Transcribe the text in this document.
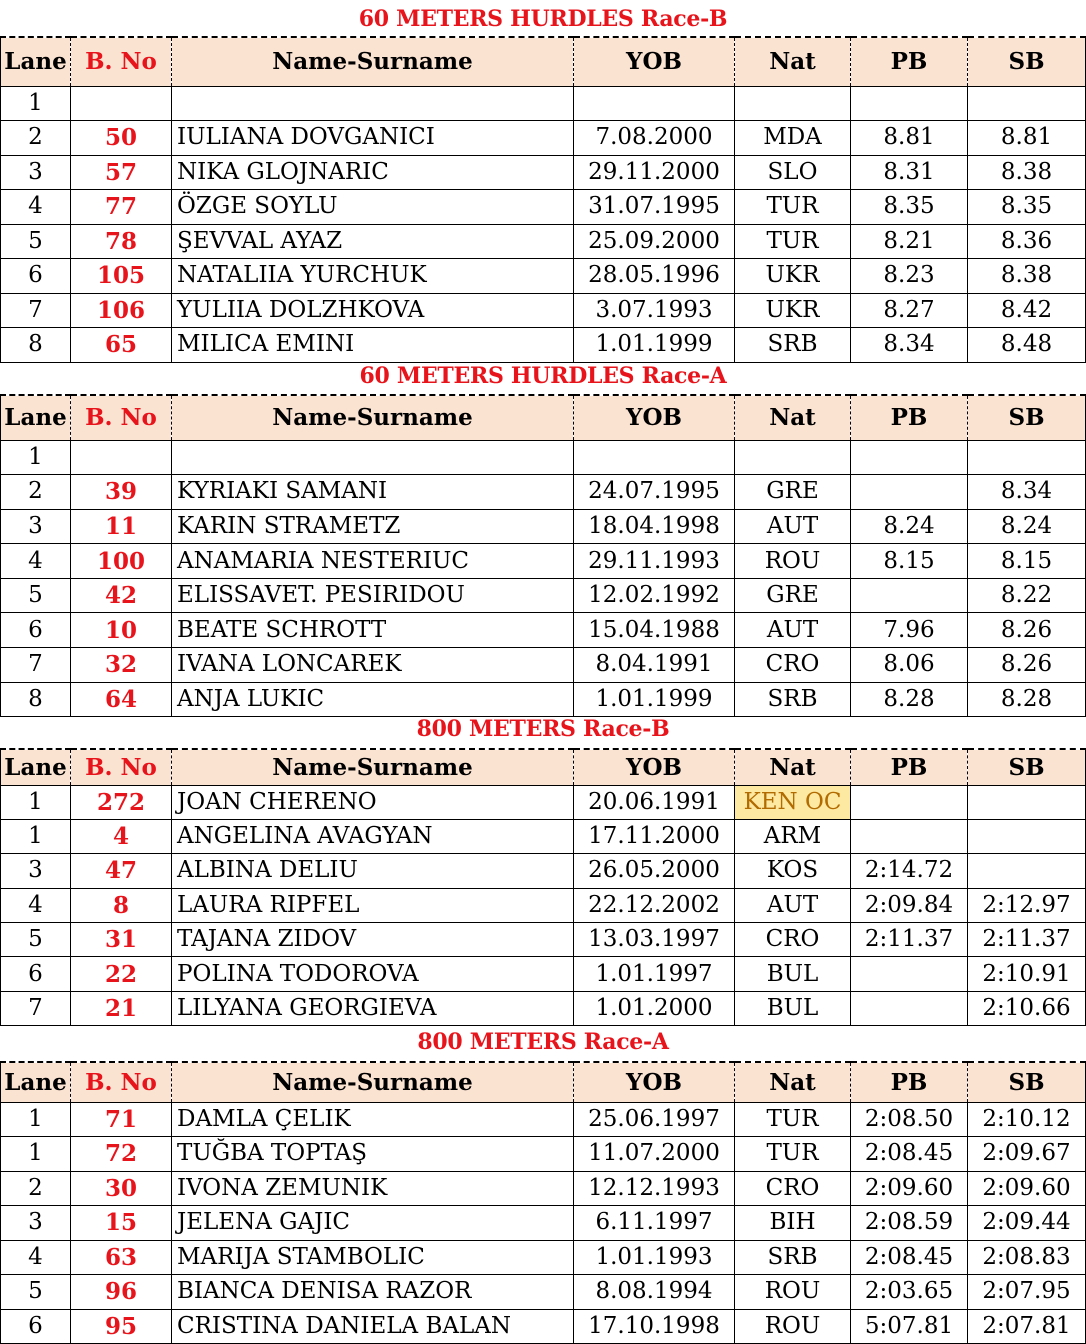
60 METERS HURDLES Race-B
Lane	B. No	Name-Surname	YOB	Nat	PB	SB
1						
2	50	IULIANA DOVGANICI	7.08.2000	MDA	8.81	8.81
3	57	NIKA GLOJNARIC	29.11.2000	SLO	8.31	8.38
4	77	ÖZGE SOYLU	31.07.1995	TUR	8.35	8.35
5	78	ŞEVVAL AYAZ	25.09.2000	TUR	8.21	8.36
6	105	NATALIIA YURCHUK	28.05.1996	UKR	8.23	8.38
7	106	YULIIA DOLZHKOVA	3.07.1993	UKR	8.27	8.42
8	65	MILICA EMINI	1.01.1999	SRB	8.34	8.48
60 METERS HURDLES Race-A
Lane	B. No	Name-Surname	YOB	Nat	PB	SB
1						
2	39	KYRIAKI SAMANI	24.07.1995	GRE		8.34
3	11	KARIN STRAMETZ	18.04.1998	AUT	8.24	8.24
4	100	ANAMARIA NESTERIUC	29.11.1993	ROU	8.15	8.15
5	42	ELISSAVET. PESIRIDOU	12.02.1992	GRE		8.22
6	10	BEATE SCHROTT	15.04.1988	AUT	7.96	8.26
7	32	IVANA LONCAREK	8.04.1991	CRO	8.06	8.26
8	64	ANJA LUKIC	1.01.1999	SRB	8.28	8.28
800 METERS Race-B
Lane	B. No	Name-Surname	YOB	Nat	PB	SB
1	272	JOAN CHERENO	20.06.1991	KEN OC		
1	4	ANGELINA AVAGYAN	17.11.2000	ARM		
3	47	ALBINA DELIU	26.05.2000	KOS	2:14.72	
4	8	LAURA RIPFEL	22.12.2002	AUT	2:09.84	2:12.97
5	31	TAJANA ZIDOV	13.03.1997	CRO	2:11.37	2:11.37
6	22	POLINA TODOROVA	1.01.1997	BUL		2:10.91
7	21	LILYANA GEORGIEVA	1.01.2000	BUL		2:10.66
800 METERS Race-A
Lane	B. No	Name-Surname	YOB	Nat	PB	SB
1	71	DAMLA ÇELIK	25.06.1997	TUR	2:08.50	2:10.12
1	72	TUĞBA TOPTAŞ	11.07.2000	TUR	2:08.45	2:09.67
2	30	IVONA ZEMUNIK	12.12.1993	CRO	2:09.60	2:09.60
3	15	JELENA GAJIC	6.11.1997	BIH	2:08.59	2:09.44
4	63	MARIJA STAMBOLIC	1.01.1993	SRB	2:08.45	2:08.83
5	96	BIANCA DENISA RAZOR	8.08.1994	ROU	2:03.65	2:07.95
6	95	CRISTINA DANIELA BALAN	17.10.1998	ROU	5:07.81	2:07.81
